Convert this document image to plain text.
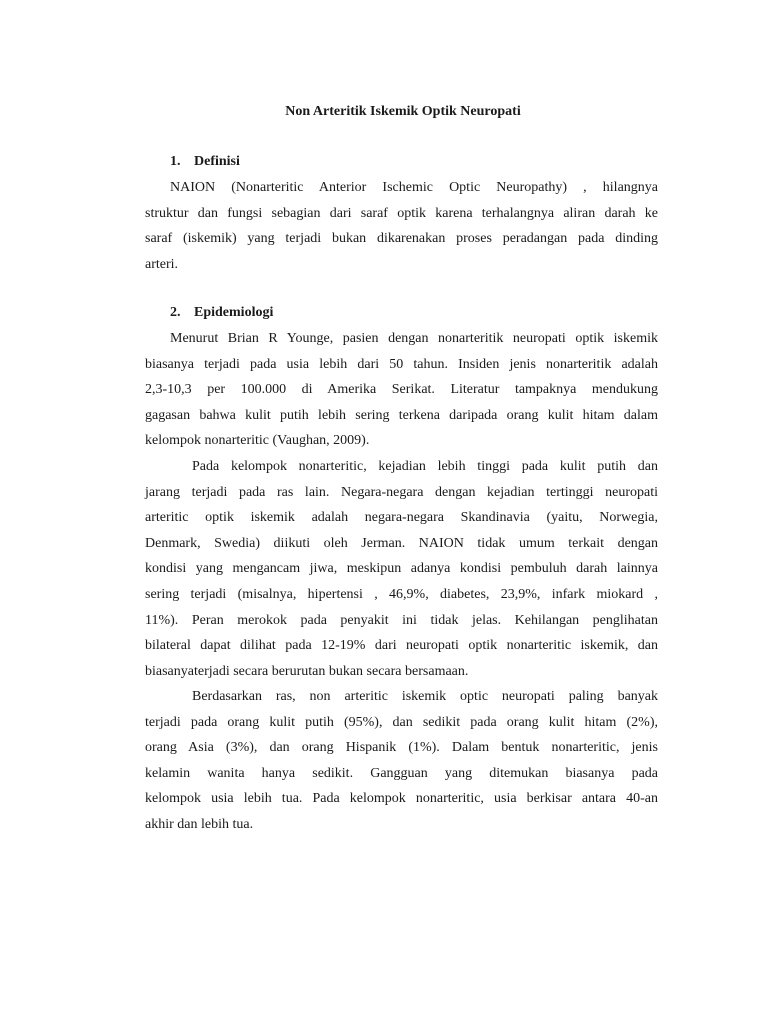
Non Arteritik Iskemik Optik Neuropati
1. Definisi
NAION (Nonarteritic Anterior Ischemic Optic Neuropathy) , hilangnya
struktur dan fungsi sebagian dari saraf optik karena terhalangnya aliran darah ke
saraf (iskemik) yang terjadi bukan dikarenakan proses peradangan pada dinding
arteri.
2. Epidemiologi
Menurut Brian R Younge, pasien dengan nonarteritik neuropati optik iskemik
biasanya terjadi pada usia lebih dari 50 tahun. Insiden jenis nonarteritik adalah
2,3-10,3 per 100.000 di Amerika Serikat. Literatur tampaknya mendukung
gagasan bahwa kulit putih lebih sering terkena daripada orang kulit hitam dalam
kelompok nonarteritic (Vaughan, 2009).
Pada kelompok nonarteritic, kejadian lebih tinggi pada kulit putih dan
jarang terjadi pada ras lain. Negara-negara dengan kejadian tertinggi neuropati
arteritic optik iskemik adalah negara-negara Skandinavia (yaitu, Norwegia,
Denmark, Swedia) diikuti oleh Jerman. NAION tidak umum terkait dengan
kondisi yang mengancam jiwa, meskipun adanya kondisi pembuluh darah lainnya
sering terjadi (misalnya, hipertensi , 46,9%, diabetes, 23,9%, infark miokard ,
11%). Peran merokok pada penyakit ini tidak jelas. Kehilangan penglihatan
bilateral dapat dilihat pada 12-19% dari neuropati optik nonarteritic iskemik, dan
biasanyaterjadi secara berurutan bukan secara bersamaan.
Berdasarkan ras, non arteritic iskemik optic neuropati paling banyak
terjadi pada orang kulit putih (95%), dan sedikit pada orang kulit hitam (2%),
orang Asia (3%), dan orang Hispanik (1%). Dalam bentuk nonarteritic, jenis
kelamin wanita hanya sedikit. Gangguan yang ditemukan biasanya pada
kelompok usia lebih tua. Pada kelompok nonarteritic, usia berkisar antara 40-an
akhir dan lebih tua.
